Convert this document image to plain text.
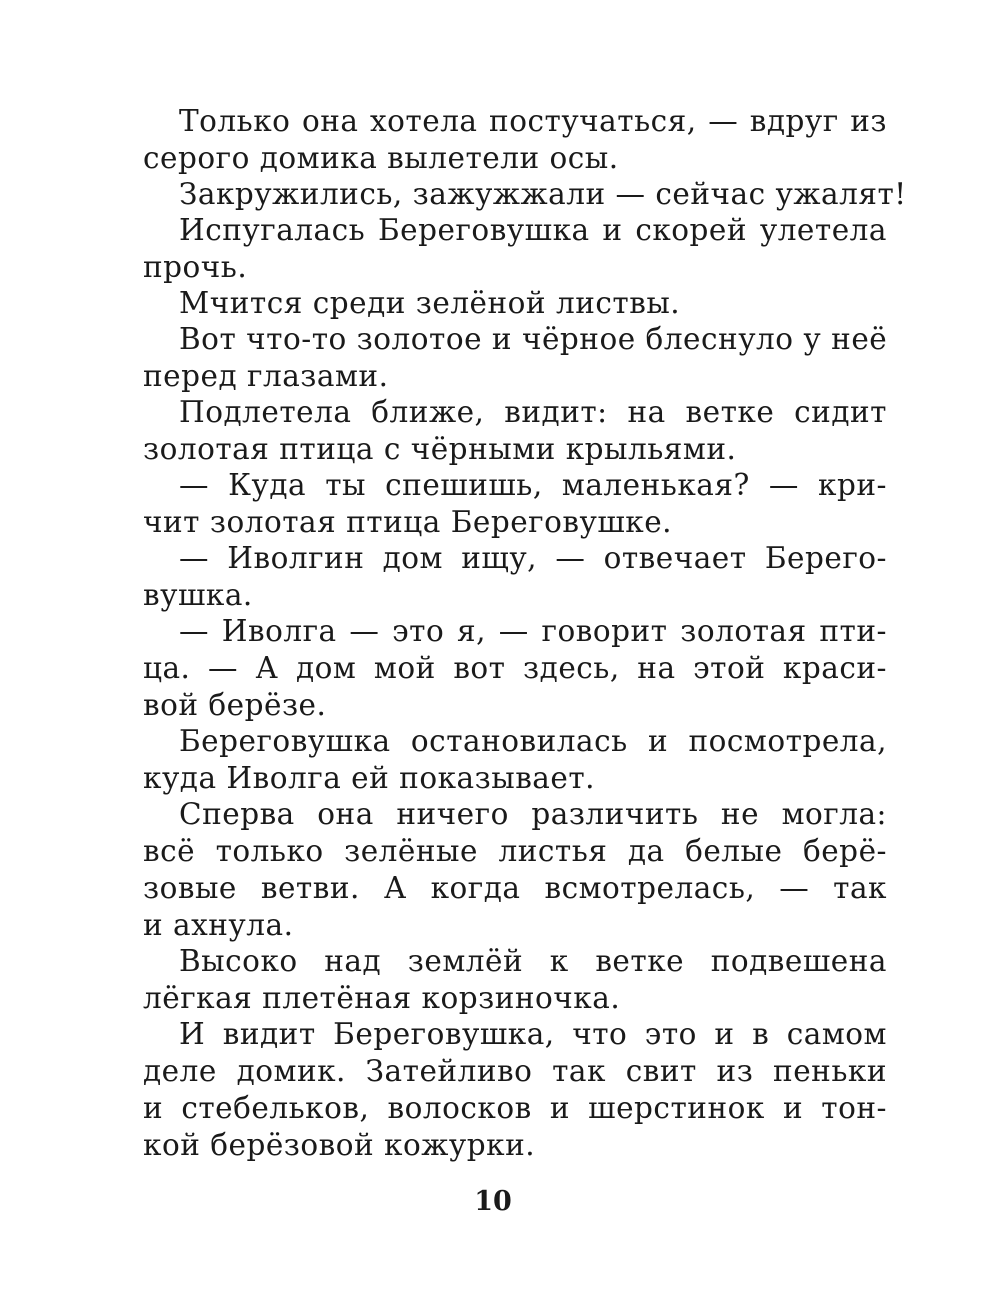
Только она хотела постучаться, — вдруг из
серого домика вылетели осы.
Закружились, зажужжали — сейчас ужалят!
Испугалась Береговушка и скорей улетела
прочь.
Мчится среди зелёной листвы.
Вот что-то золотое и чёрное блеснуло у неё
перед глазами.
Подлетела ближе, видит: на ветке сидит
золотая птица с чёрными крыльями.
— Куда ты спешишь, маленькая? — кри-
чит золотая птица Береговушке.
— Иволгин дом ищу, — отвечает Берего-
вушка.
— Иволга — это я, — говорит золотая пти-
ца. — А дом мой вот здесь, на этой краси-
вой берёзе.
Береговушка остановилась и посмотрела,
куда Иволга ей показывает.
Сперва она ничего различить не могла:
всё только зелёные листья да белые берё-
зовые ветви. А когда всмотрелась, — так
и ахнула.
Высоко над землёй к ветке подвешена
лёгкая плетёная корзиночка.
И видит Береговушка, что это и в самом
деле домик. Затейливо так свит из пеньки
и стебельков, волосков и шерстинок и тон-
кой берёзовой кожурки.
10
